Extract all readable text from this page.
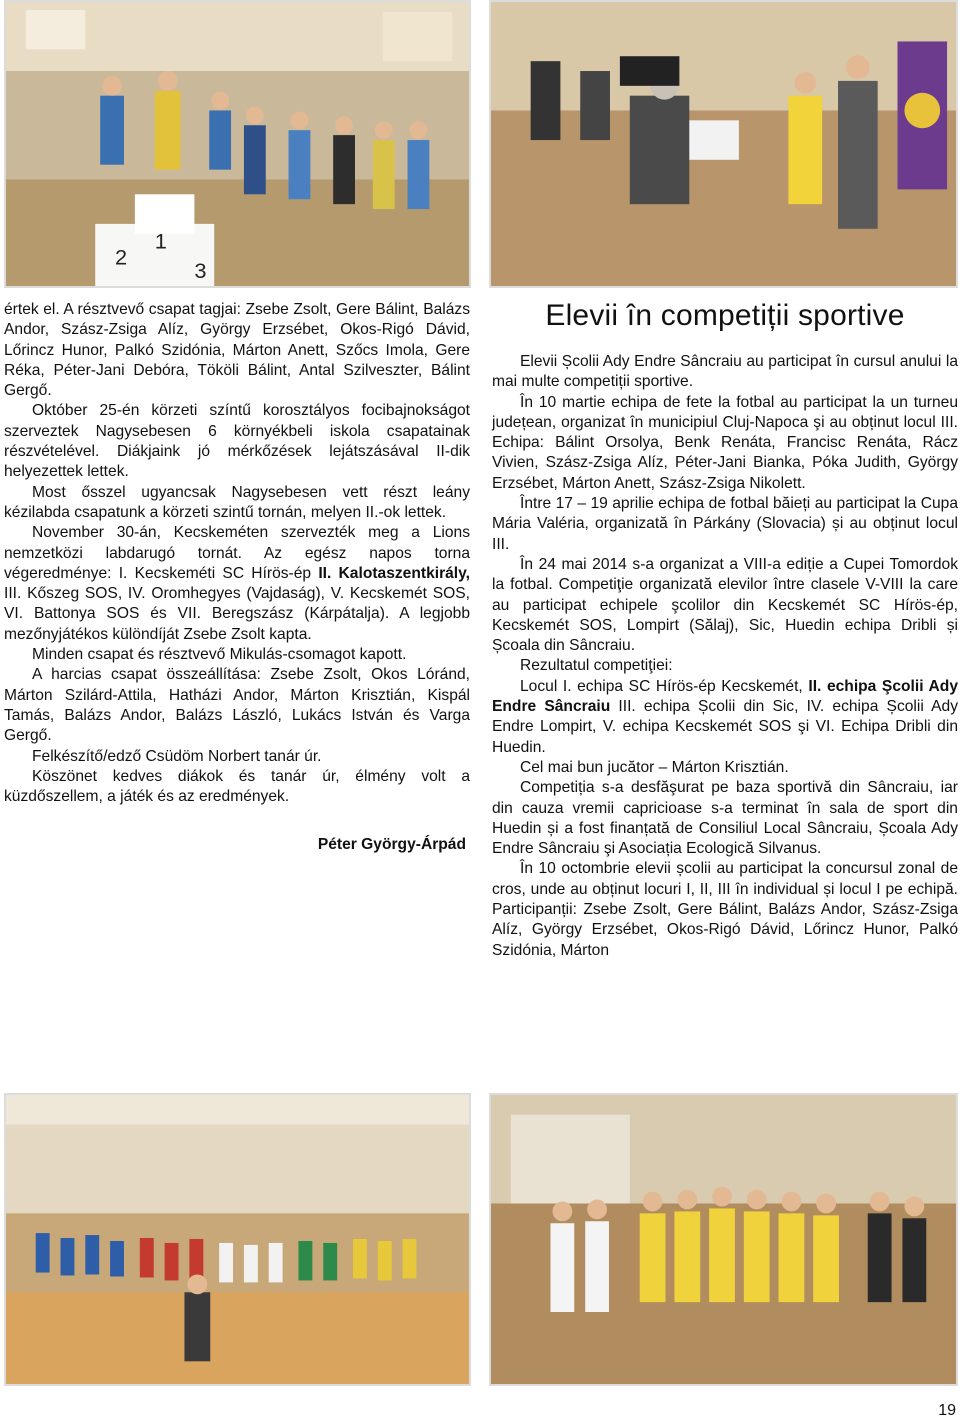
1
2
3

értek el. A résztvevő csapat tagjai: Zsebe Zsolt, Gere Bálint, Balázs Andor, Szász-Zsiga Alíz, György Erzsébet, Okos-Rigó Dávid, Lőrincz Hunor, Palkó Szidónia, Márton Anett, Szőcs Imola, Gere Réka, Péter-Jani Debóra, Tököli Bálint, Antal Szilveszter, Bálint Gergő.

Október 25-én körzeti színtű korosztályos focibajnokságot szerveztek Nagysebesen 6 környékbeli iskola csapatainak részvételével. Diákjaink jó mérkőzések lejátszásával II-dik helyezettek lettek.

Most ősszel ugyancsak Nagysebesen vett részt leány kézilabda csapatunk a körzeti szintű tornán, melyen II.-ok lettek.

November 30-án, Kecskeméten szervezték meg a Lions nemzetközi labdarugó tornát. Az egész napos torna végeredménye: I. Kecskeméti SC Hírös-ép II. Kalotaszentkirály, III. Kőszeg SOS, IV. Oromhegyes (Vajdaság), V. Kecskemét SOS, VI. Battonya SOS és VII. Beregszász (Kárpátalja). A legjobb mezőnyjátékos különdíját Zsebe Zsolt kapta.

Minden csapat és résztvevő Mikulás-csomagot kapott.

A harcias csapat összeállítása: Zsebe Zsolt, Okos Lóránd, Márton Szilárd-Attila, Hatházi Andor, Márton Krisztián, Kispál Tamás, Balázs Andor, Balázs László, Lukács István és Varga Gergő.

Felkészítő/edző Csüdöm Norbert tanár úr.

Köszönet kedves diákok és tanár úr, élmény volt a küzdőszellem, a játék és az eredmények.

Péter György-Árpád

Elevii în competiții sportive

Elevii Școlii Ady Endre Sâncraiu au participat în cursul anului la mai multe competiții sportive.

În 10 martie echipa de fete la fotbal au participat la un turneu județean, organizat în municipiul Cluj-Napoca şi au obținut locul III. Echipa: Bálint Orsolya, Benk Renáta, Francisc Renáta, Rácz Vivien, Szász-Zsiga Alíz, Péter-Jani Bianka, Póka Judith, György Erzsébet, Márton Anett, Szász-Zsiga Nikolett.

Între 17 – 19 aprilie echipa de fotbal băieți au participat la Cupa Mária Valéria, organizată în Párkány (Slovacia) și au obținut locul III.

În 24 mai 2014 s-a organizat a VIII-a ediție a Cupei Tomordok la fotbal. Competiţie organizată elevilor între clasele V-VIII la care au participat echipele şcolilor din Kecskemét SC Hírös-ép, Kecskemét SOS, Lompirt (Sălaj), Sic, Huedin echipa Dribli și Școala din Sâncraiu.

Rezultatul competiţiei:

Locul I. echipa SC Hírös-ép Kecskemét, II. echipa Şcolii Ady Endre Sâncraiu III. echipa Școlii din Sic, IV. echipa Școlii Ady Endre Lompirt, V. echipa Kecskemét SOS şi VI. Echipa Dribli din Huedin.

Cel mai bun jucător – Márton Krisztián.

Competiția s-a desfăşurat pe baza sportivă din Sâncraiu, iar din cauza vremii capricioase s-a terminat în sala de sport din Huedin și a fost finanțată de Consiliul Local Sâncraiu, Școala Ady Endre Sâncraiu şi Asociația Ecologică Silvanus.

În 10 octombrie elevii școlii au participat la concursul zonal de cros, unde au obținut locuri I, II, III în individual și locul I pe echipă. Participanții: Zsebe Zsolt, Gere Bálint, Balázs Andor, Szász-Zsiga Alíz, György Erzsébet, Okos-Rigó Dávid, Lőrincz Hunor, Palkó Szidónia, Márton

19
